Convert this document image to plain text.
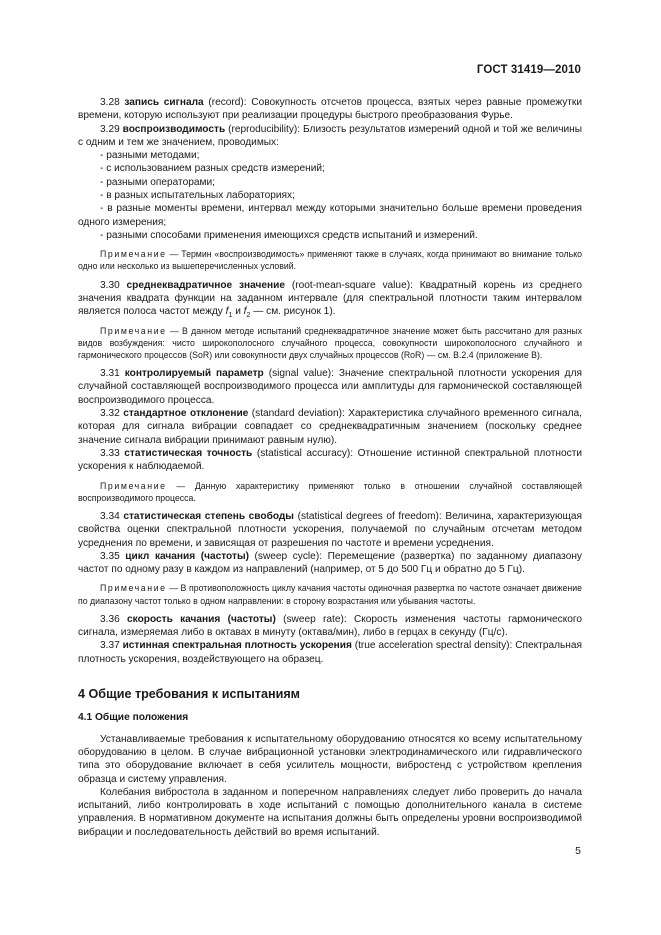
ГОСТ 31419—2010

3.28 запись сигнала (record): Совокупность отсчетов процесса, взятых через равные промежутки времени, которую используют при реализации процедуры быстрого преобразования Фурье.

3.29 воспроизводимость (reproducibility): Близость результатов измерений одной и той же величины с одним и тем же значением, проводимых:

- разными методами;

- с использованием разных средств измерений;

- разными операторами;

- в разных испытательных лабораториях;

- в разные моменты времени, интервал между которыми значительно больше времени проведения одного измерения;

- разными способами применения имеющихся средств испытаний и измерений.

Примечание — Термин «воспроизводимость» применяют также в случаях, когда принимают во внимание только одно или несколько из вышеперечисленных условий.

3.30 среднеквадратичное значение (root-mean-square value): Квадратный корень из среднего значения квадрата функции на заданном интервале (для спектральной плотности таким интервалом является полоса частот между $f_1$ и $f_2$ — см. рисунок 1).

Примечание — В данном методе испытаний среднеквадратичное значение может быть рассчитано для разных видов возбуждения: чисто широкополосного случайного процесса, совокупности широкополосного случайного и гармонического процессов (SoR) или совокупности двух случайных процессов (RoR) — см. В.2.4 (приложение В).

3.31 контролируемый параметр (signal value): Значение спектральной плотности ускорения для случайной составляющей воспроизводимого процесса или амплитуды для гармонической составляющей воспроизводимого процесса.

3.32 стандартное отклонение (standard deviation): Характеристика случайного временного сигнала, которая для сигнала вибрации совпадает со среднеквадратичным значением (поскольку среднее значение сигнала вибрации принимают равным нулю).

3.33 статистическая точность (statistical accuracy): Отношение истинной спектральной плотности ускорения к наблюдаемой.

Примечание — Данную характеристику применяют только в отношении случайной составляющей воспроизводимого процесса.

3.34 статистическая степень свободы (statistical degrees of freedom): Величина, характеризующая свойства оценки спектральной плотности ускорения, получаемой по случайным отсчетам методом усреднения по времени, и зависящая от разрешения по частоте и времени усреднения.

3.35 цикл качания (частоты) (sweep cycle): Перемещение (развертка) по заданному диапазону частот по одному разу в каждом из направлений (например, от 5 до 500 Гц и обратно до 5 Гц).

Примечание — В противоположность циклу качания частоты одиночная развертка по частоте означает движение по диапазону частот только в одном направлении: в сторону возрастания или убывания частоты.

3.36 скорость качания (частоты) (sweep rate): Скорость изменения частоты гармонического сигнала, измеряемая либо в октавах в минуту (октава/мин), либо в герцах в секунду (Гц/с).

3.37 истинная спектральная плотность ускорения (true acceleration spectral density): Спектральная плотность ускорения, воздействующего на образец.

4 Общие требования к испытаниям
4.1 Общие положения

Устанавливаемые требования к испытательному оборудованию относятся ко всему испытательному оборудованию в целом. В случае вибрационной установки электродинамического или гидравлического типа это оборудование включает в себя усилитель мощности, вибростенд с устройством крепления образца и систему управления.

Колебания вибростола в заданном и поперечном направлениях следует либо проверить до начала испытаний, либо контролировать в ходе испытаний с помощью дополнительного канала в системе управления. В нормативном документе на испытания должны быть определены уровни воспроизводимой вибрации и последовательность действий во время испытаний.

5
